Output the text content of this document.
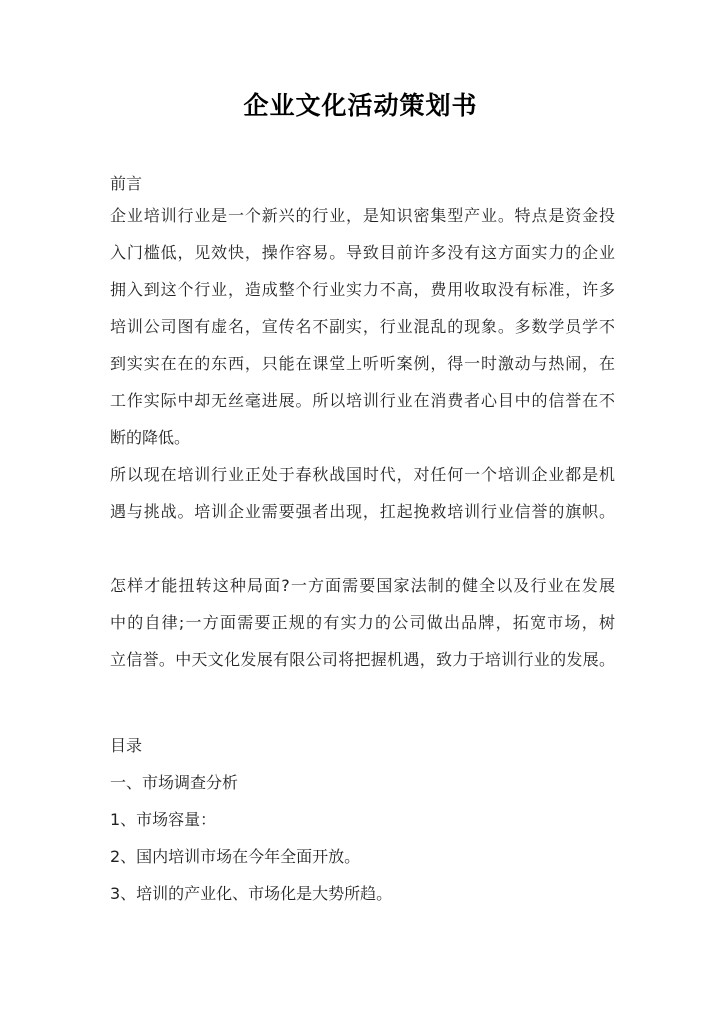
企业文化活动策划书
前言
企业培训行业是一个新兴的行业，是知识密集型产业。特点是资金投
入门槛低，见效快，操作容易。导致目前许多没有这方面实力的企业
拥入到这个行业，造成整个行业实力不高，费用收取没有标准，许多
培训公司图有虚名，宣传名不副实，行业混乱的现象。多数学员学不
到实实在在的东西，只能在课堂上听听案例，得一时激动与热闹，在
工作实际中却无丝毫进展。所以培训行业在消费者心目中的信誉在不
断的降低。
所以现在培训行业正处于春秋战国时代，对任何一个培训企业都是机
遇与挑战。培训企业需要强者出现，扛起挽救培训行业信誉的旗帜。
怎样才能扭转这种局面?一方面需要国家法制的健全以及行业在发展
中的自律;一方面需要正规的有实力的公司做出品牌，拓宽市场，树
立信誉。中天文化发展有限公司将把握机遇，致力于培训行业的发展。
目录
一、市场调查分析
1、市场容量：
2、国内培训市场在今年全面开放。
3、培训的产业化、市场化是大势所趋。
